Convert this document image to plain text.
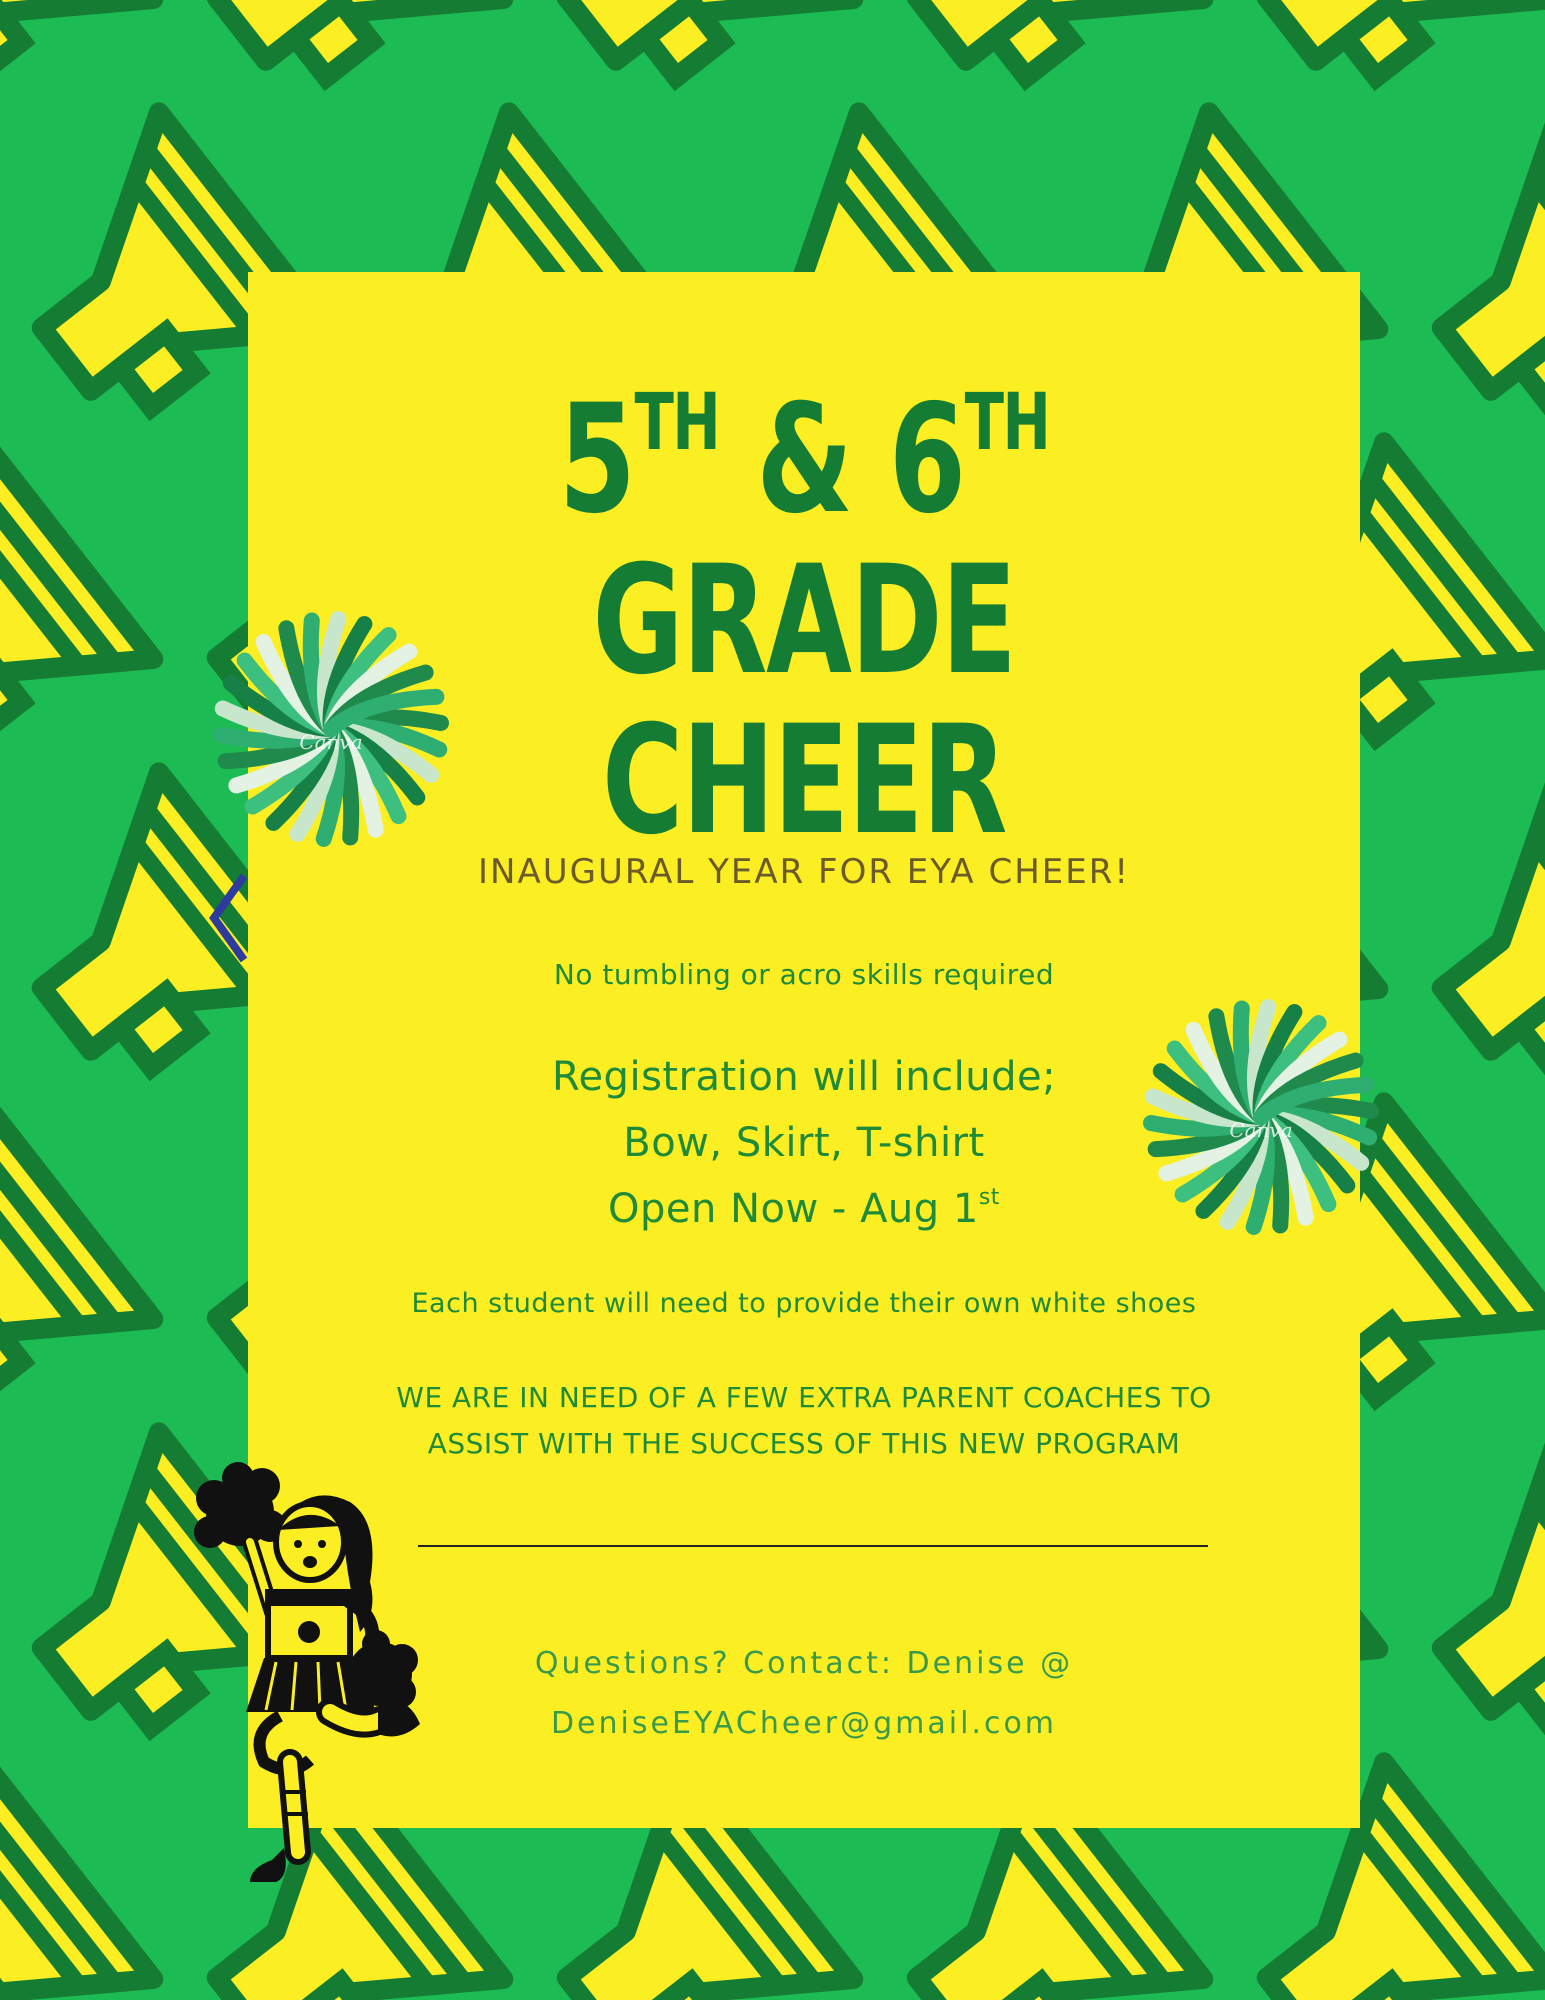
5TH & 6TH GRADE
CHEER
Canva
Canva
INAUGURAL YEAR FOR EYA CHEER!
No tumbling or acro skills required
Registration will include;
Bow, Skirt, T-shirt
Open Now - Aug 1st
Each student will need to provide their own white shoes
WE ARE IN NEED OF A FEW EXTRA PARENT COACHES TO
ASSIST WITH THE SUCCESS OF THIS NEW PROGRAM
Questions? Contact: Denise @
DeniseEYACheer@gmail.com
